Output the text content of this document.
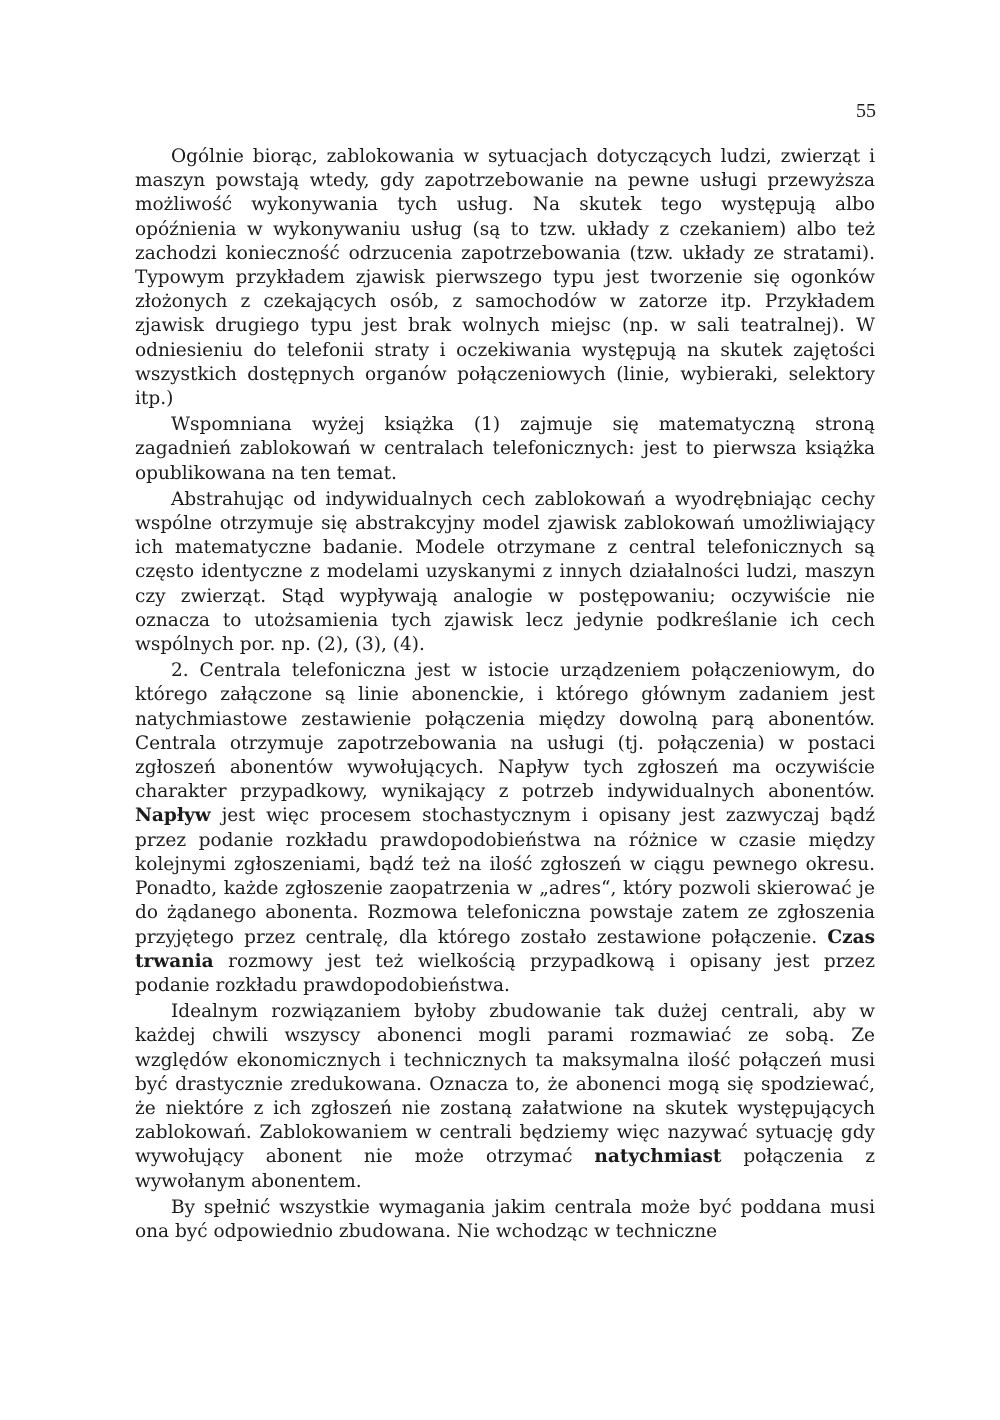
55

Ogólnie biorąc, zablokowania w sytuacjach dotyczących ludzi, zwierząt i maszyn powstają wtedy, gdy zapotrzebowanie na pewne usługi przewyższa możliwość wykonywania tych usług. Na skutek tego występują albo opóźnienia w wykonywaniu usług (są to tzw. układy z czekaniem) albo też zachodzi konieczność odrzucenia zapotrzebowania (tzw. układy ze stratami). Typowym przykładem zjawisk pierwszego typu jest tworzenie się ogonków złożonych z czekających osób, z samochodów w zatorze itp. Przykładem zjawisk drugiego typu jest brak wolnych miejsc (np. w sali teatralnej). W odniesieniu do telefonii straty i oczekiwania występują na skutek zajętości wszystkich dostępnych organów połączeniowych (linie, wybieraki, selektory itp.)

Wspomniana wyżej książka (1) zajmuje się matematyczną stroną zagadnień zablokowań w centralach telefonicznych: jest to pierwsza książka opublikowana na ten temat.

Abstrahując od indywidualnych cech zablokowań a wyodrębniając cechy wspólne otrzymuje się abstrakcyjny model zjawisk zablokowań umożliwiający ich matematyczne badanie. Modele otrzymane z central telefonicznych są często identyczne z modelami uzyskanymi z innych działalności ludzi, maszyn czy zwierząt. Stąd wypływają analogie w postępowaniu; oczywiście nie oznacza to utożsamienia tych zjawisk lecz jedynie podkreślanie ich cech wspólnych por. np. (2), (3), (4).

2. Centrala telefoniczna jest w istocie urządzeniem połączeniowym, do którego załączone są linie abonenckie, i którego głównym zadaniem jest natychmiastowe zestawienie połączenia między dowolną parą abonentów. Centrala otrzymuje zapotrzebowania na usługi (tj. połączenia) w postaci zgłoszeń abonentów wywołujących. Napływ tych zgłoszeń ma oczywiście charakter przypadkowy, wynikający z potrzeb indywidualnych abonentów. Napływ jest więc procesem stochastycznym i opisany jest zazwyczaj bądź przez podanie rozkładu prawdopodobieństwa na różnice w czasie między kolejnymi zgłoszeniami, bądź też na ilość zgłoszeń w ciągu pewnego okresu. Ponadto, każde zgłoszenie zaopatrzenia w „adres“, który pozwoli skierować je do żądanego abonenta. Rozmowa telefoniczna powstaje zatem ze zgłoszenia przyjętego przez centralę, dla którego zostało zestawione połączenie. Czas trwania rozmowy jest też wielkością przypadkową i opisany jest przez podanie rozkładu prawdopodobieństwa.

Idealnym rozwiązaniem byłoby zbudowanie tak dużej centrali, aby w każdej chwili wszyscy abonenci mogli parami rozmawiać ze sobą. Ze względów ekonomicznych i technicznych ta maksymalna ilość połączeń musi być drastycznie zredukowana. Oznacza to, że abonenci mogą się spodziewać, że niektóre z ich zgłoszeń nie zostaną załatwione na skutek występujących zablokowań. Zablokowaniem w centrali będziemy więc nazywać sytuację gdy wywołujący abonent nie może otrzymać natychmiast połączenia z wywołanym abonentem.

By spełnić wszystkie wymagania jakim centrala może być poddana musi ona być odpowiednio zbudowana. Nie wchodząc w techniczne
